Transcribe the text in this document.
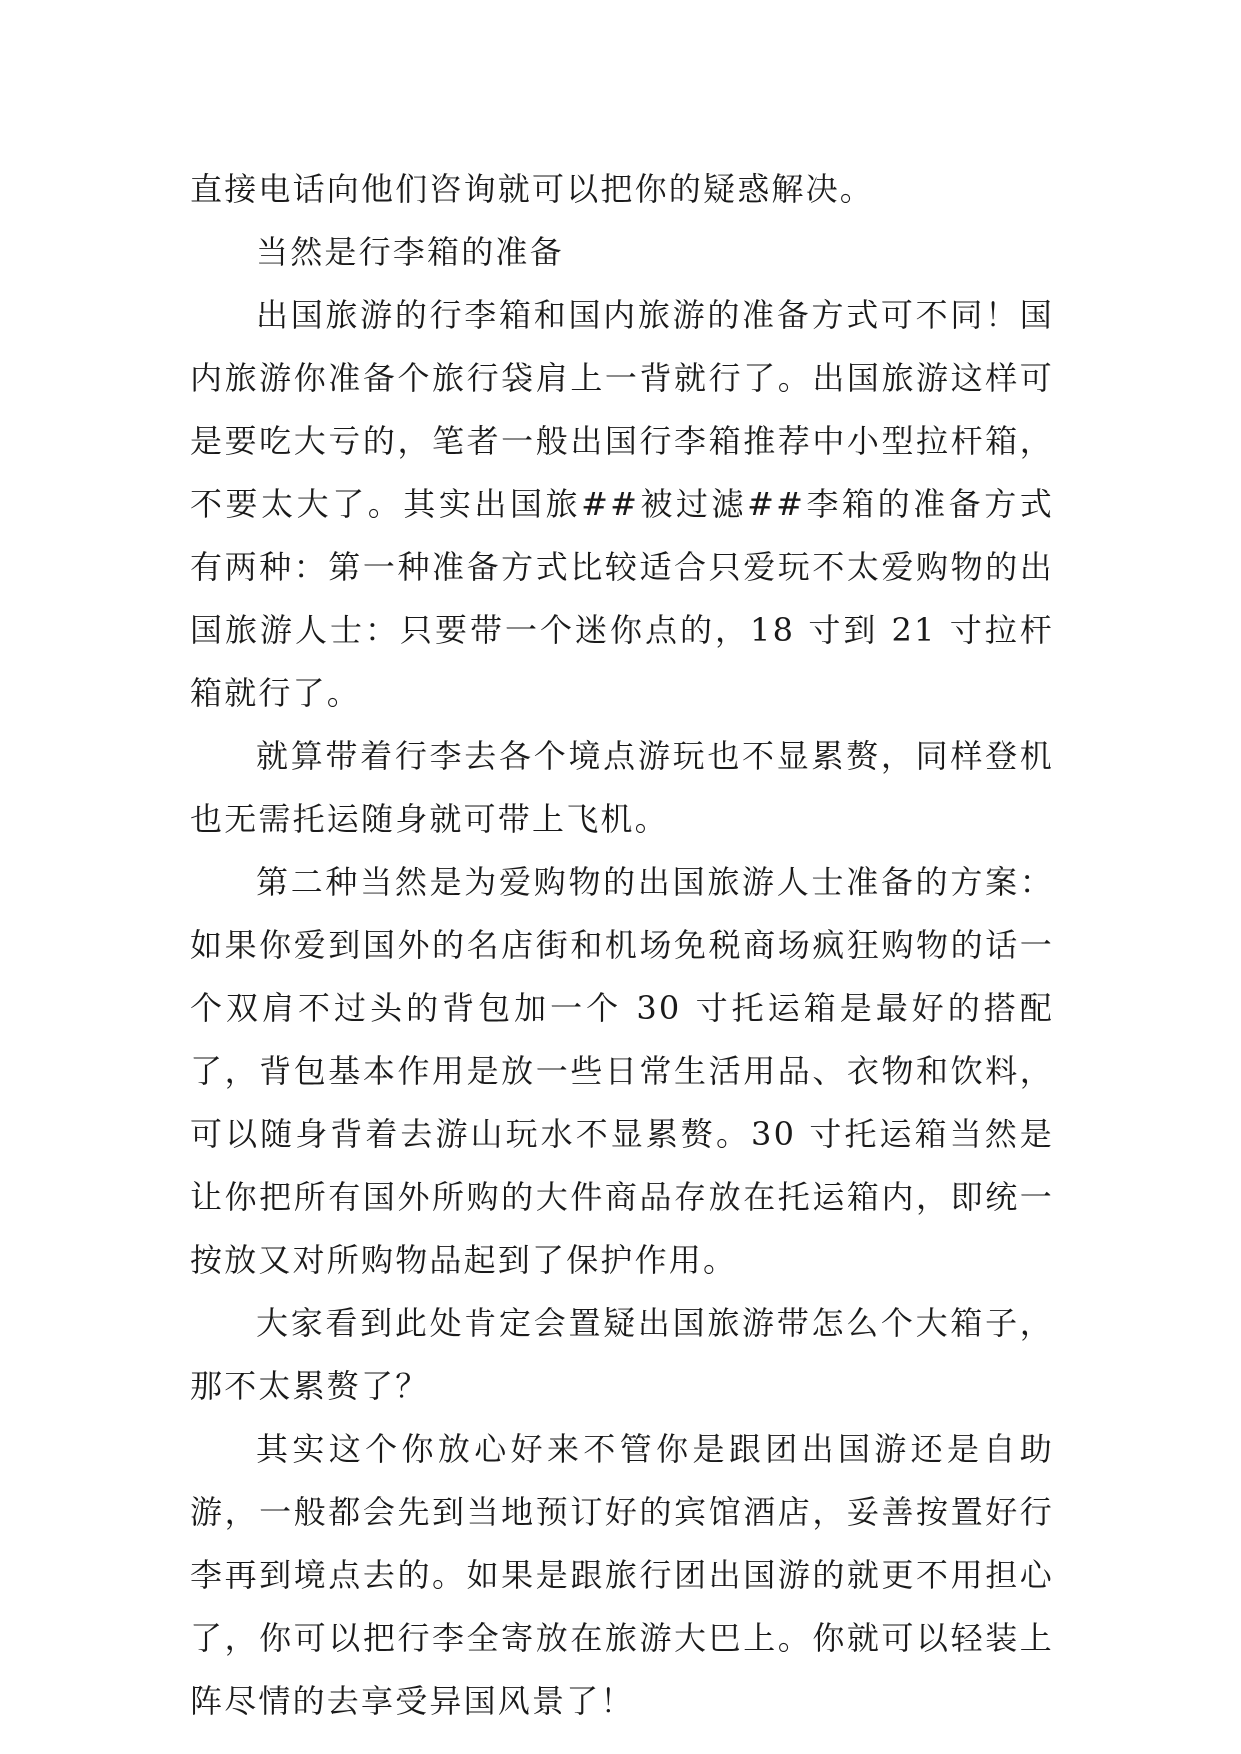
直接电话向他们咨询就可以把你的疑惑解决。

当然是行李箱的准备

出国旅游的行李箱和国内旅游的准备方式可不同！国内旅游你准备个旅行袋肩上一背就行了。出国旅游这样可是要吃大亏的，笔者一般出国行李箱推荐中小型拉杆箱，不要太大了。其实出国旅##被过滤##李箱的准备方式有两种：第一种准备方式比较适合只爱玩不太爱购物的出国旅游人士：只要带一个迷你点的，18 寸到 21 寸拉杆箱就行了。

就算带着行李去各个境点游玩也不显累赘，同样登机也无需托运随身就可带上飞机。

第二种当然是为爱购物的出国旅游人士准备的方案：如果你爱到国外的名店街和机场免税商场疯狂购物的话一个双肩不过头的背包加一个 30 寸托运箱是最好的搭配了，背包基本作用是放一些日常生活用品、衣物和饮料，可以随身背着去游山玩水不显累赘。30 寸托运箱当然是让你把所有国外所购的大件商品存放在托运箱内，即统一按放又对所购物品起到了保护作用。

大家看到此处肯定会置疑出国旅游带怎么个大箱子，那不太累赘了？

其实这个你放心好来不管你是跟团出国游还是自助游，一般都会先到当地预订好的宾馆酒店，妥善按置好行李再到境点去的。如果是跟旅行团出国游的就更不用担心了，你可以把行李全寄放在旅游大巴上。你就可以轻装上阵尽情的去享受异国风景了！
